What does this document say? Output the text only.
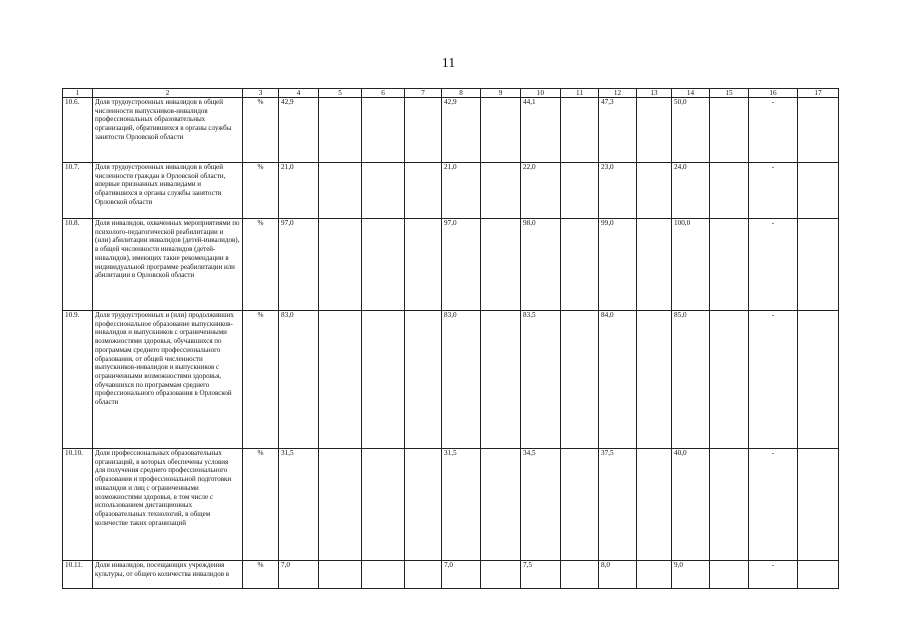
11
1	2	3	4	5	6	7	8	9	10	11	12	13	14	15	16	17
10.6.	Доля трудоустроенных инвалидов в общей численности выпускников-инвалидов профессиональных образовательных организаций, обратившихся в органы службы занятости Орловской области	%	42,9				42,9		44,1		47,3		50,0		-	
10.7.	Доля трудоустроенных инвалидов в общей численности граждан в Орловской области, впервые признанных инвалидами и обратившихся в органы службы занятости Орловской области	%	21,0				21,0		22,0		23,0		24,0		-	
10.8.	Доля инвалидов, охваченных мероприятиями по психолого-педагогической реабилитации и (или) абилитации инвалидов (детей-инвалидов), в общей численности инвалидов (детей-инвалидов), имеющих такие рекомендации в индивидуальной программе реабилитации или абилитации в Орловской области	%	97,0				97,0		98,0		99,0		100,0		-	
10.9.	Доля трудоустроенных и (или) продолживших профессиональное образование выпускников-инвалидов и выпускников с ограниченными возможностями здоровья, обучавшихся по программам среднего профессионального образования, от общей численности выпускников-инвалидов и выпускников с ограниченными возможностями здоровья, обучавшихся по программам среднего профессионального образования в Орловской области	%	83,0				83,0		83,5		84,0		85,0		-	
10.10.	Доля профессиональных образовательных организаций, в которых обеспечены условия для получения среднего профессионального образования и профессиональной подготовки инвалидов и лиц с ограниченными возможностями здоровья, в том числе с использованием дистанционных образовательных технологий, в общем количестве таких организаций	%	31,5				31,5		34,5		37,5		40,0		-	
10.11.	Доля инвалидов, посещающих учреждения культуры, от общего количества инвалидов в	%	7,0				7,0		7,5		8,0		9,0		-	
